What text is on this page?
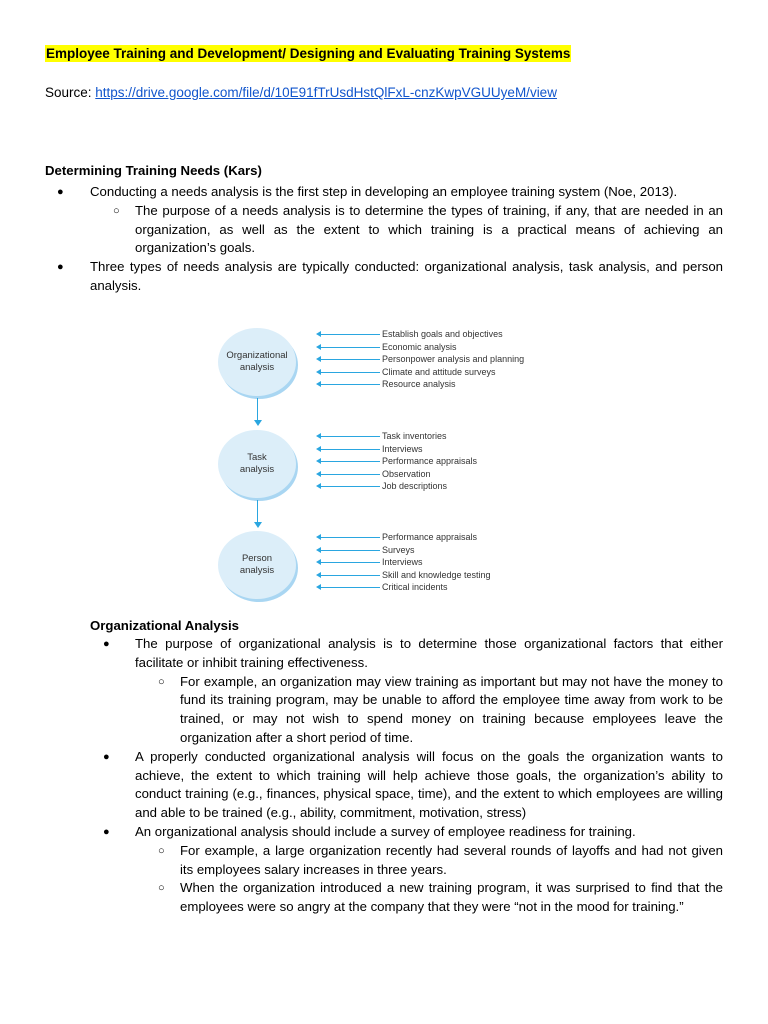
Employee Training and Development/ Designing and Evaluating Training Systems
Source: https://drive.google.com/file/d/10E91fTrUsdHstQlFxL-cnzKwpVGUUyeM/view
Determining Training Needs (Kars)
● Conducting a needs analysis is the first step in developing an employee training system (Noe, 2013).
○ The purpose of a needs analysis is to determine the types of training, if any, that are needed in an organization, as well as the extent to which training is a practical means of achieving an organization’s goals.
● Three types of needs analysis are typically conducted: organizational analysis, task analysis, and person analysis.
Organizational
analysis
Establish goals and objectives
Economic analysis
Personpower analysis and planning
Climate and attitude surveys
Resource analysis
Task
analysis
Task inventories
Interviews
Performance appraisals
Observation
Job descriptions
Person
analysis
Performance appraisals
Surveys
Interviews
Skill and knowledge testing
Critical incidents
Organizational Analysis
● The purpose of organizational analysis is to determine those organizational factors that either facilitate or inhibit training effectiveness.
○ For example, an organization may view training as important but may not have the money to fund its training program, may be unable to afford the employee time away from work to be trained, or may not wish to spend money on training because employees leave the organization after a short period of time.
● A properly conducted organizational analysis will focus on the goals the organization wants to achieve, the extent to which training will help achieve those goals, the organization’s ability to conduct training (e.g., finances, physical space, time), and the extent to which employees are willing and able to be trained (e.g., ability, commitment, motivation, stress)
● An organizational analysis should include a survey of employee readiness for training.
○ For example, a large organization recently had several rounds of layoffs and had not given its employees salary increases in three years.
○ When the organization introduced a new training program, it was surprised to find that the employees were so angry at the company that they were “not in the mood for training.”
